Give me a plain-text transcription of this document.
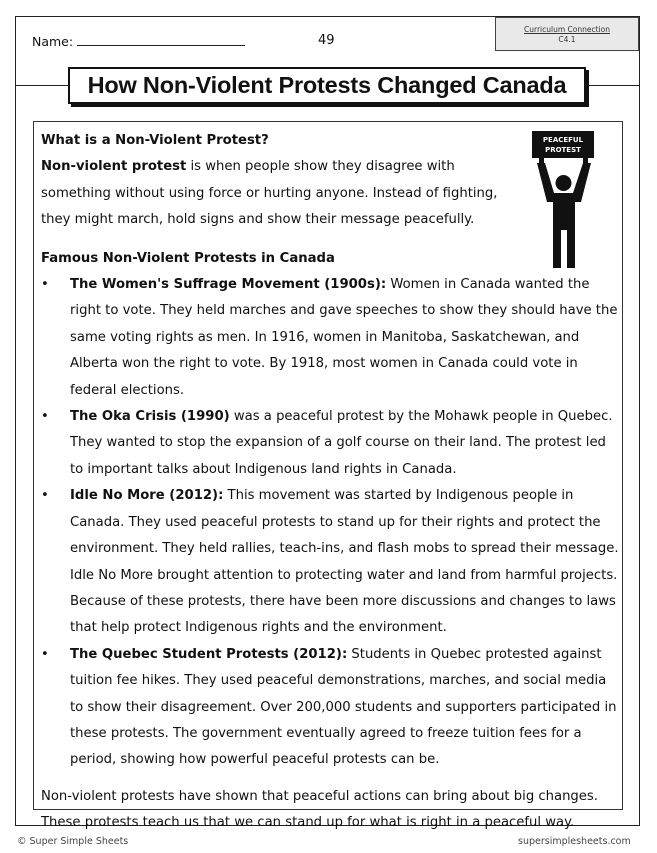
Name:	49
Curriculum Connection
C4.1
How Non-Violent Protests Changed Canada
PEACEFUL
PROTEST

What is a Non-Violent Protest?

Non-violent protest is when people show they disagree with something without using force or hurting anyone. Instead of fighting, they might march, hold signs and show their message peacefully.

Famous Non-Violent Protests in Canada

• The Women's Suffrage Movement (1900s): Women in Canada wanted the right to vote. They held marches and gave speeches to show they should have the same voting rights as men. In 1916, women in Manitoba, Saskatchewan, and Alberta won the right to vote. By 1918, most women in Canada could vote in federal elections.
• The Oka Crisis (1990) was a peaceful protest by the Mohawk people in Quebec. They wanted to stop the expansion of a golf course on their land. The protest led to important talks about Indigenous land rights in Canada.
• Idle No More (2012): This movement was started by Indigenous people in Canada. They used peaceful protests to stand up for their rights and protect the environment. They held rallies, teach-ins, and flash mobs to spread their message. Idle No More brought attention to protecting water and land from harmful projects. Because of these protests, there have been more discussions and changes to laws that help protect Indigenous rights and the environment.
• The Quebec Student Protests (2012): Students in Quebec protested against tuition fee hikes. They used peaceful demonstrations, marches, and social media to show their disagreement. Over 200,000 students and supporters participated in these protests. The government eventually agreed to freeze tuition fees for a period, showing how powerful peaceful protests can be.

Non-violent protests have shown that peaceful actions can bring about big changes. These protests teach us that we can stand up for what is right in a peaceful way.

© Super Simple Sheets	supersimplesheets.com
